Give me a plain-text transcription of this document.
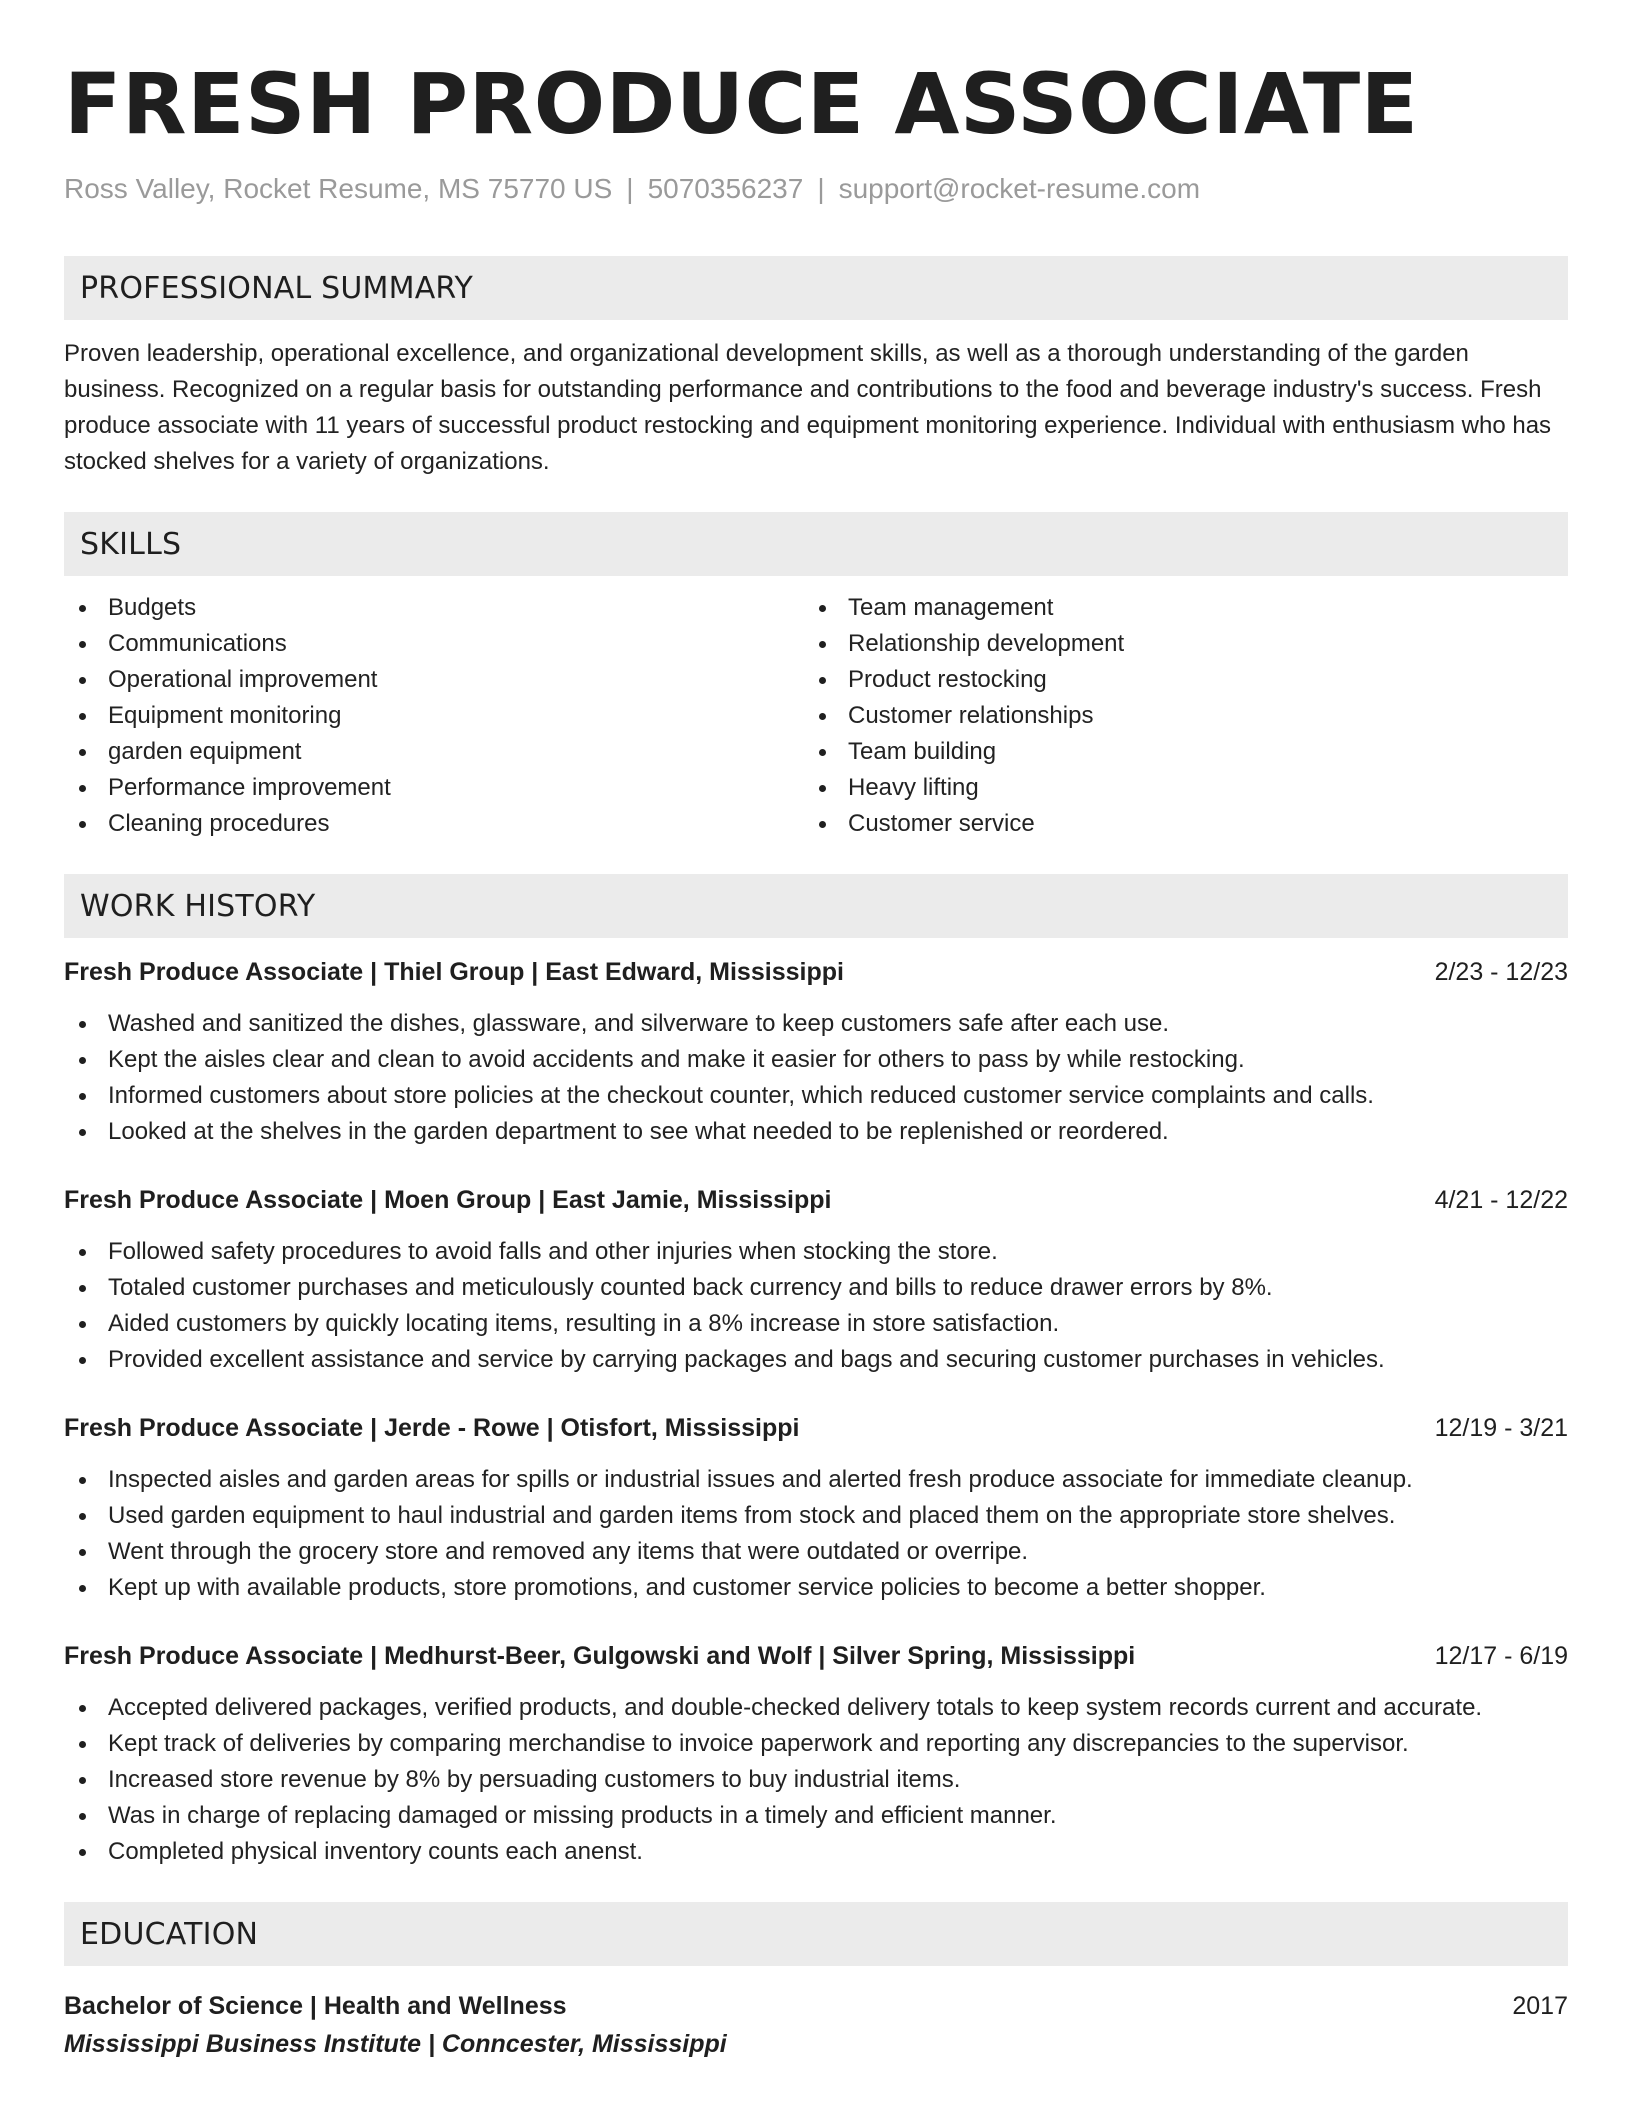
FRESH PRODUCE ASSOCIATE
Ross Valley, Rocket Resume, MS 75770 US | 5070356237 | support@rocket-resume.com
PROFESSIONAL SUMMARY

Proven leadership, operational excellence, and organizational development skills, as well as a thorough understanding of the garden business. Recognized on a regular basis for outstanding performance and contributions to the food and beverage industry's success. Fresh produce associate with 11 years of successful product restocking and equipment monitoring experience. Individual with enthusiasm who has stocked shelves for a variety of organizations.

SKILLS
Budgets
Communications
Operational improvement
Equipment monitoring
garden equipment
Performance improvement
Cleaning procedures
Team management
Relationship development
Product restocking
Customer relationships
Team building
Heavy lifting
Customer service
WORK HISTORY
Fresh Produce Associate | Thiel Group | East Edward, Mississippi	2/23 - 12/23
Washed and sanitized the dishes, glassware, and silverware to keep customers safe after each use.
Kept the aisles clear and clean to avoid accidents and make it easier for others to pass by while restocking.
Informed customers about store policies at the checkout counter, which reduced customer service complaints and calls.
Looked at the shelves in the garden department to see what needed to be replenished or reordered.
Fresh Produce Associate | Moen Group | East Jamie, Mississippi	4/21 - 12/22
Followed safety procedures to avoid falls and other injuries when stocking the store.
Totaled customer purchases and meticulously counted back currency and bills to reduce drawer errors by 8%.
Aided customers by quickly locating items, resulting in a 8% increase in store satisfaction.
Provided excellent assistance and service by carrying packages and bags and securing customer purchases in vehicles.
Fresh Produce Associate | Jerde - Rowe | Otisfort, Mississippi	12/19 - 3/21
Inspected aisles and garden areas for spills or industrial issues and alerted fresh produce associate for immediate cleanup.
Used garden equipment to haul industrial and garden items from stock and placed them on the appropriate store shelves.
Went through the grocery store and removed any items that were outdated or overripe.
Kept up with available products, store promotions, and customer service policies to become a better shopper.
Fresh Produce Associate | Medhurst-Beer, Gulgowski and Wolf | Silver Spring, Mississippi	12/17 - 6/19
Accepted delivered packages, verified products, and double-checked delivery totals to keep system records current and accurate.
Kept track of deliveries by comparing merchandise to invoice paperwork and reporting any discrepancies to the supervisor.
Increased store revenue by 8% by persuading customers to buy industrial items.
Was in charge of replacing damaged or missing products in a timely and efficient manner.
Completed physical inventory counts each anenst.
EDUCATION
Bachelor of Science | Health and Wellness	2017
Mississippi Business Institute | Conncester, Mississippi
